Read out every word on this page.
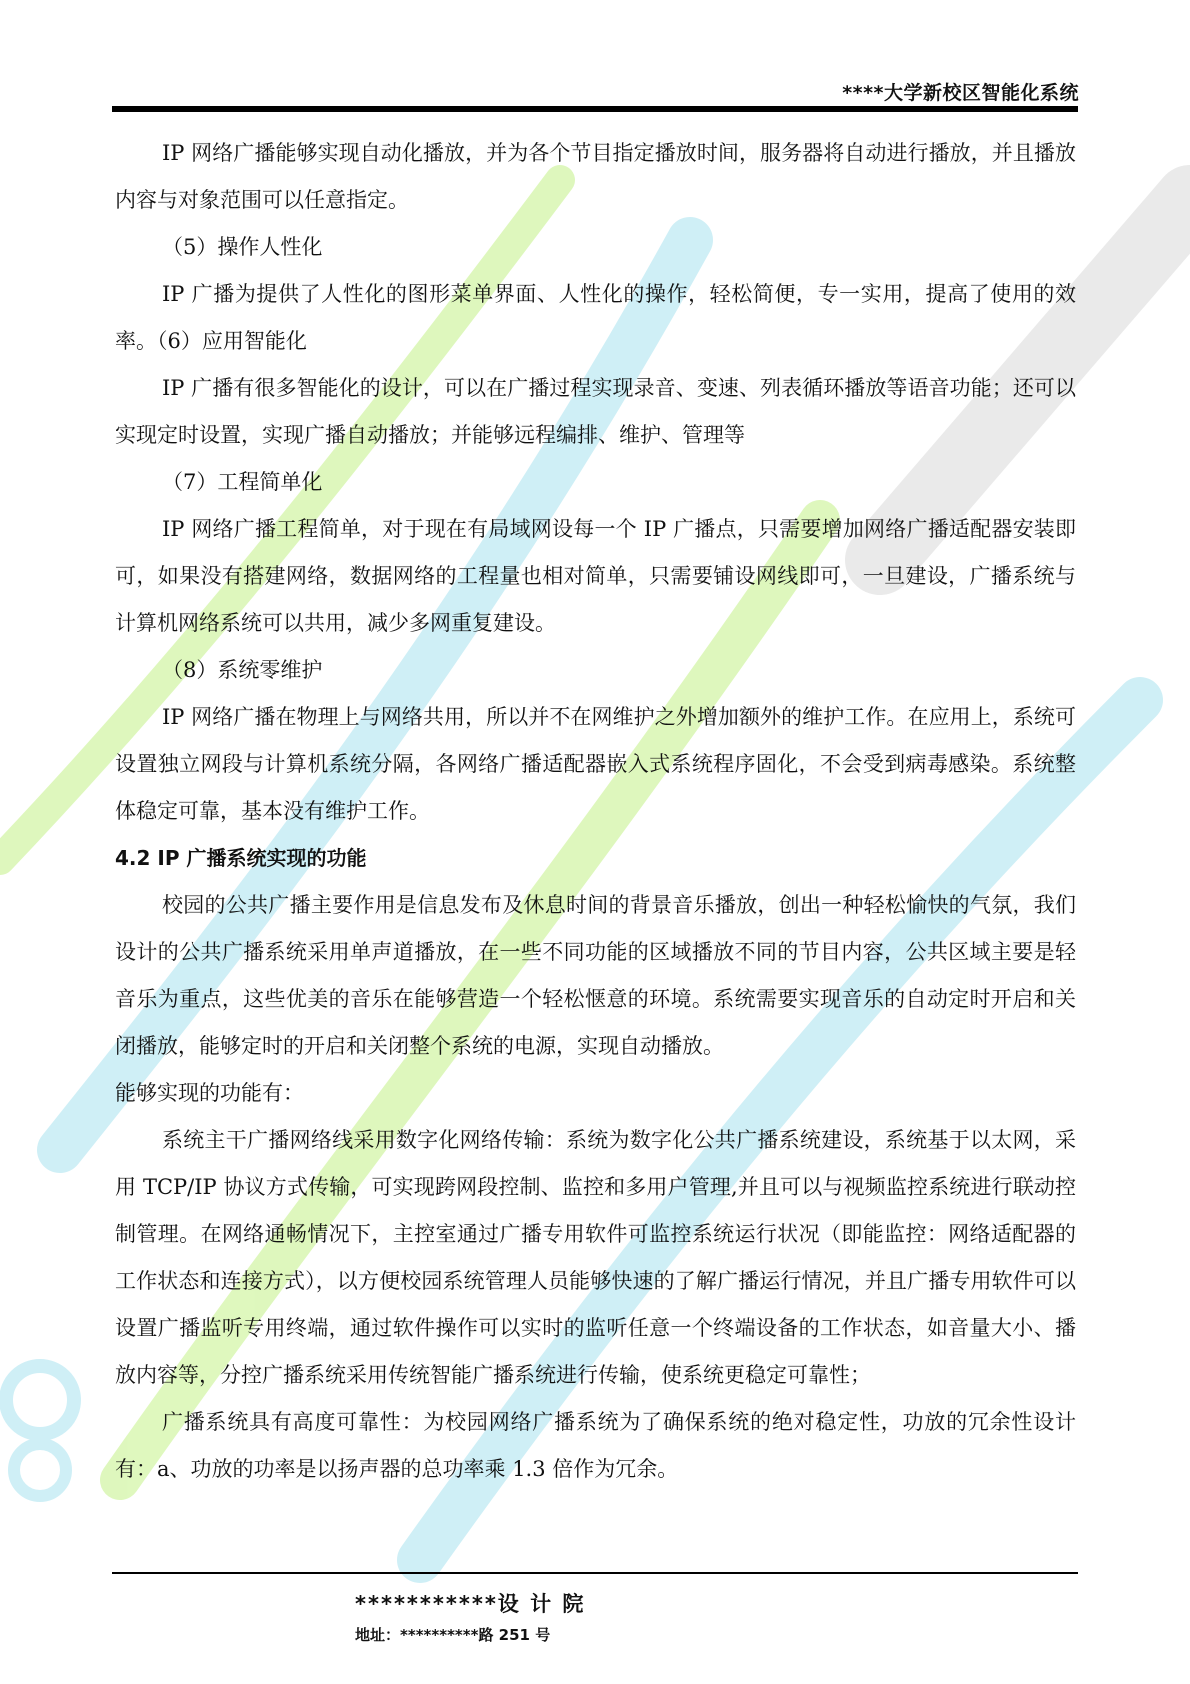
****大学新校区智能化系统

IP 网络广播能够实现自动化播放，并为各个节目指定播放时间，服务器将自动进行播放，并且播放内容与对象范围可以任意指定。

（5）操作人性化

IP 广播为提供了人性化的图形菜单界面、人性化的操作，轻松简便，专一实用，提高了使用的效率。（6）应用智能化

IP 广播有很多智能化的设计，可以在广播过程实现录音、变速、列表循环播放等语音功能；还可以实现定时设置，实现广播自动播放；并能够远程编排、维护、管理等

（7）工程简单化

IP 网络广播工程简单，对于现在有局域网设每一个 IP 广播点，只需要增加网络广播适配器安装即可，如果没有搭建网络，数据网络的工程量也相对简单，只需要铺设网线即可，一旦建设，广播系统与计算机网络系统可以共用，减少多网重复建设。

（8）系统零维护

IP 网络广播在物理上与网络共用，所以并不在网维护之外增加额外的维护工作。在应用上，系统可设置独立网段与计算机系统分隔，各网络广播适配器嵌入式系统程序固化，不会受到病毒感染。系统整体稳定可靠，基本没有维护工作。

4.2 IP 广播系统实现的功能

校园的公共广播主要作用是信息发布及休息时间的背景音乐播放，创出一种轻松愉快的气氛，我们设计的公共广播系统采用单声道播放，在一些不同功能的区域播放不同的节目内容，公共区域主要是轻音乐为重点，这些优美的音乐在能够营造一个轻松惬意的环境。系统需要实现音乐的自动定时开启和关闭播放，能够定时的开启和关闭整个系统的电源，实现自动播放。

能够实现的功能有：

系统主干广播网络线采用数字化网络传输：系统为数字化公共广播系统建设，系统基于以太网，采用 TCP/IP 协议方式传输，可实现跨网段控制、监控和多用户管理,并且可以与视频监控系统进行联动控制管理。在网络通畅情况下，主控室通过广播专用软件可监控系统运行状况（即能监控：网络适配器的工作状态和连接方式），以方便校园系统管理人员能够快速的了解广播运行情况，并且广播专用软件可以设置广播监听专用终端，通过软件操作可以实时的监听任意一个终端设备的工作状态，如音量大小、播放内容等，分控广播系统采用传统智能广播系统进行传输，使系统更稳定可靠性；

广播系统具有高度可靠性：为校园网络广播系统为了确保系统的绝对稳定性，功放的冗余性设计有：a、功放的功率是以扬声器的总功率乘 1.3 倍作为冗余。

***********设 计 院
地址：**********路 251 号
